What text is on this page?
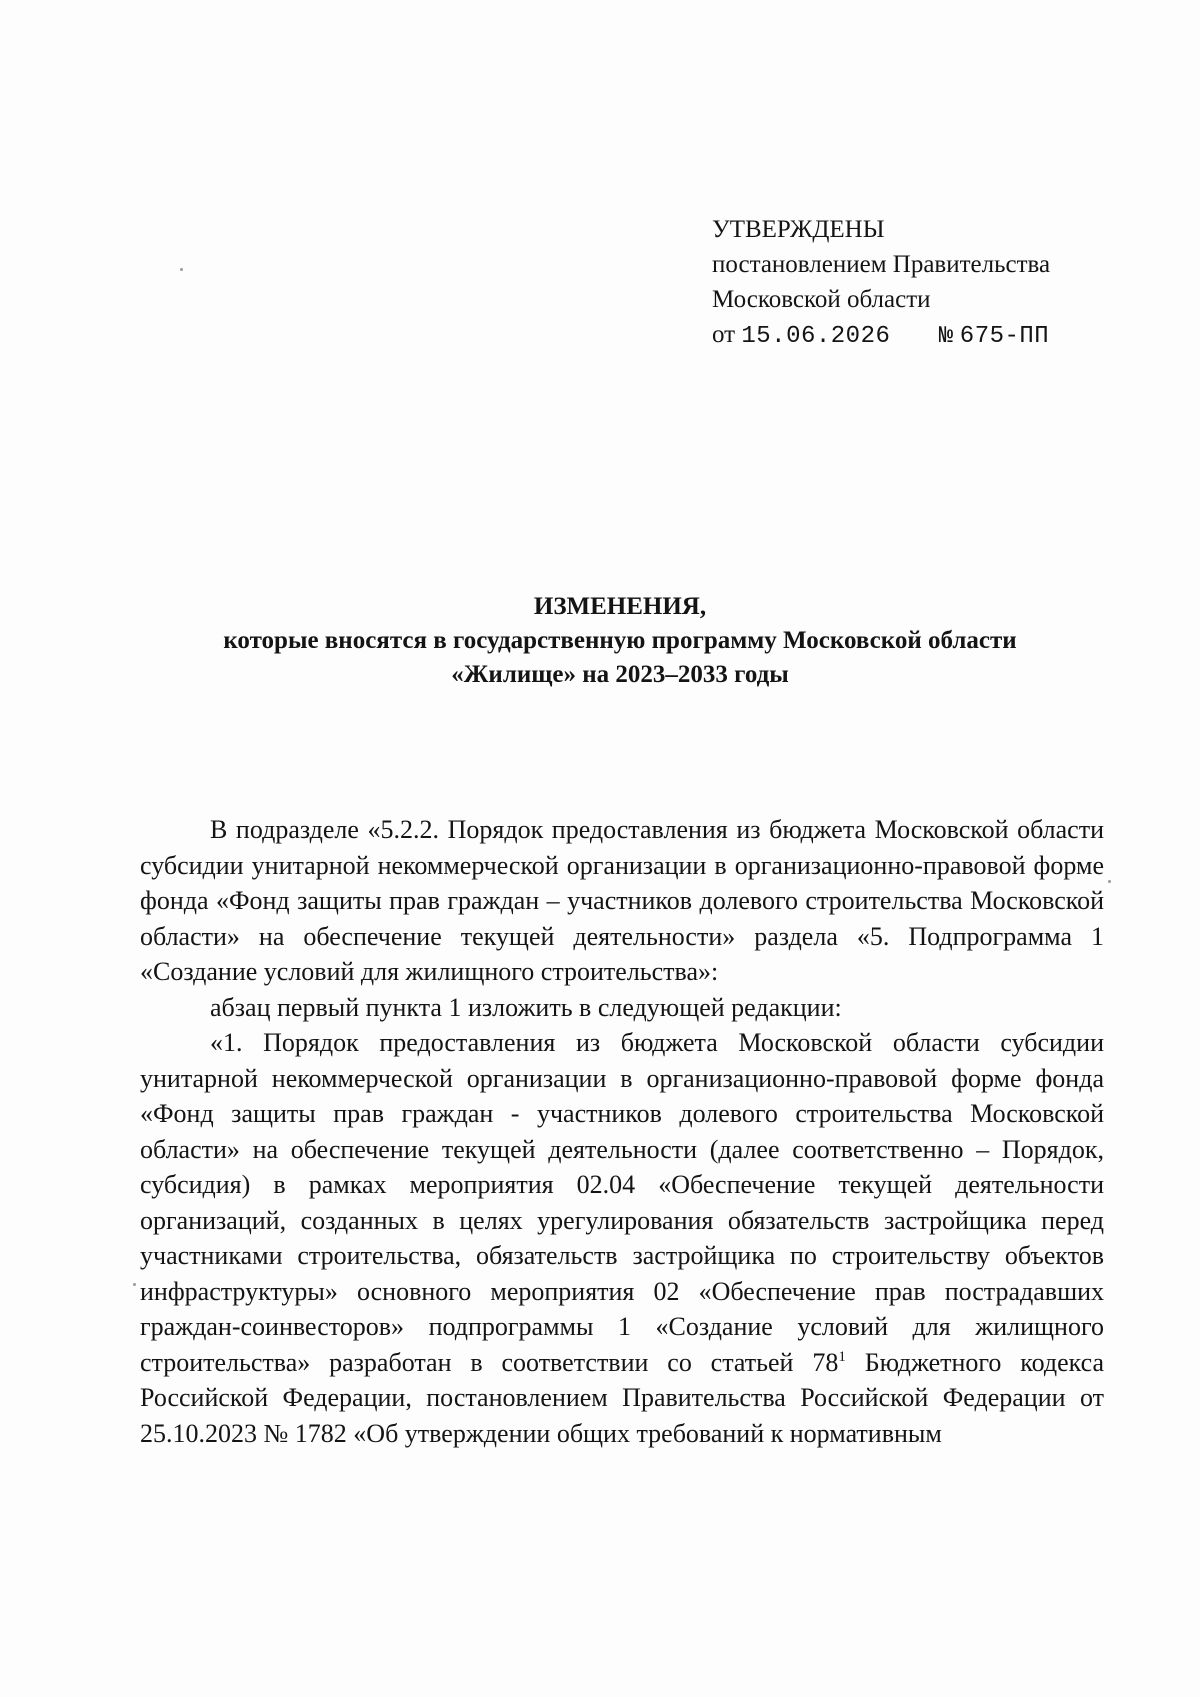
УТВЕРЖДЕНЫ
постановлением Правительства
Московской области
от 15.06.2026 № 675-ПП
ИЗМЕНЕНИЯ,
которые вносятся в государственную программу Московской области
«Жилище» на 2023–2033 годы

В подразделе «5.2.2. Порядок предоставления из бюджета Московской области субсидии унитарной некоммерческой организации в организационно-правовой форме фонда «Фонд защиты прав граждан – участников долевого строительства Московской области» на обеспечение текущей деятельности» раздела «5. Подпрограмма 1 «Создание условий для жилищного строительства»:

абзац первый пункта 1 изложить в следующей редакции:

«1. Порядок предоставления из бюджета Московской области субсидии унитарной некоммерческой организации в организационно-правовой форме фонда «Фонд защиты прав граждан - участников долевого строительства Московской области» на обеспечение текущей деятельности (далее соответственно – Порядок, субсидия) в рамках мероприятия 02.04 «Обеспечение текущей деятельности организаций, созданных в целях урегулирования обязательств застройщика перед участниками строительства, обязательств застройщика по строительству объектов инфраструктуры» основного мероприятия 02 «Обеспечение прав пострадавших граждан-соинвесторов» подпрограммы 1 «Создание условий для жилищного строительства» разработан в соответствии со статьей $78^1$ Бюджетного кодекса Российской Федерации, постановлением Правительства Российской Федерации от 25.10.2023 № 1782 «Об утверждении общих требований к нормативным
